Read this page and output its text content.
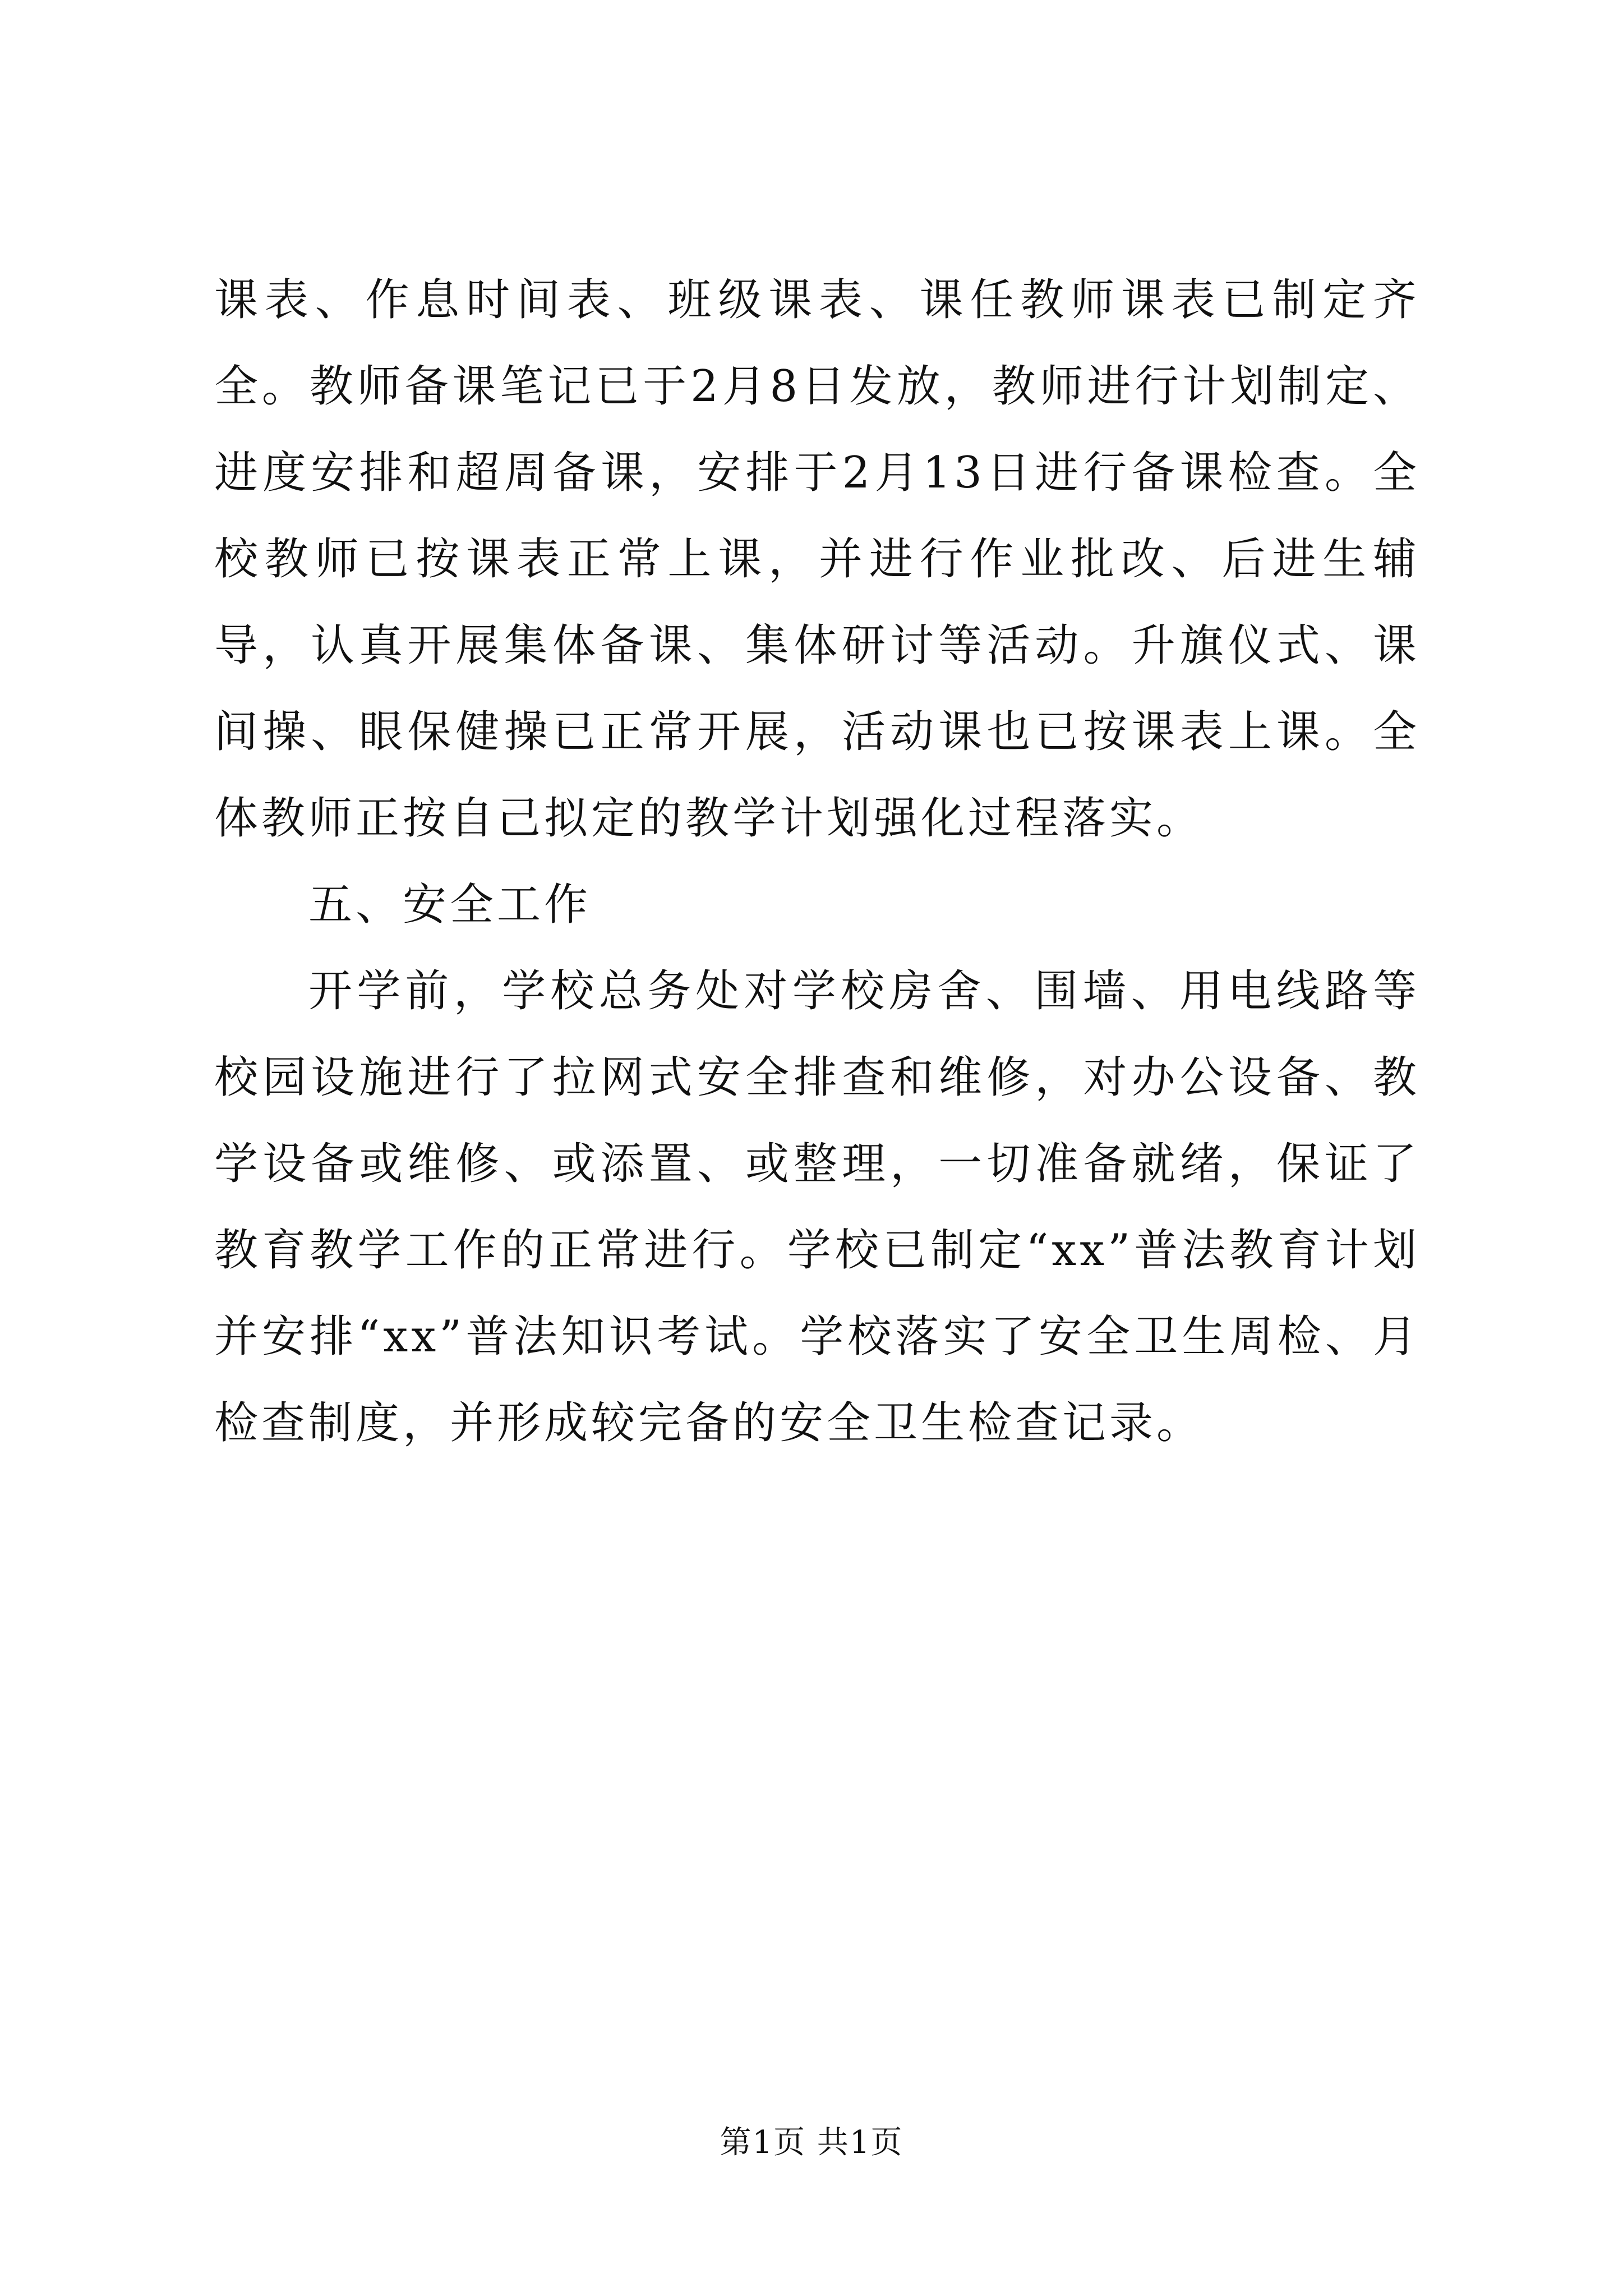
课表、作息时间表、班级课表、课任教师课表已制定齐全。教师备课笔记已于2月8日发放，教师进行计划制定、进度安排和超周备课，安排于2月13日进行备课检查。全校教师已按课表正常上课，并进行作业批改、后进生辅导，认真开展集体备课、集体研讨等活动。升旗仪式、课间操、眼保健操已正常开展，活动课也已按课表上课。全体教师正按自己拟定的教学计划强化过程落实。

五、安全工作

开学前，学校总务处对学校房舍、围墙、用电线路等校园设施进行了拉网式安全排查和维修，对办公设备、教学设备或维修、或添置、或整理，一切准备就绪，保证了教育教学工作的正常进行。学校已制定“xx”普法教育计划并安排“xx”普法知识考试。学校落实了安全卫生周检、月检查制度，并形成较完备的安全卫生检查记录。

第1页 共1页
